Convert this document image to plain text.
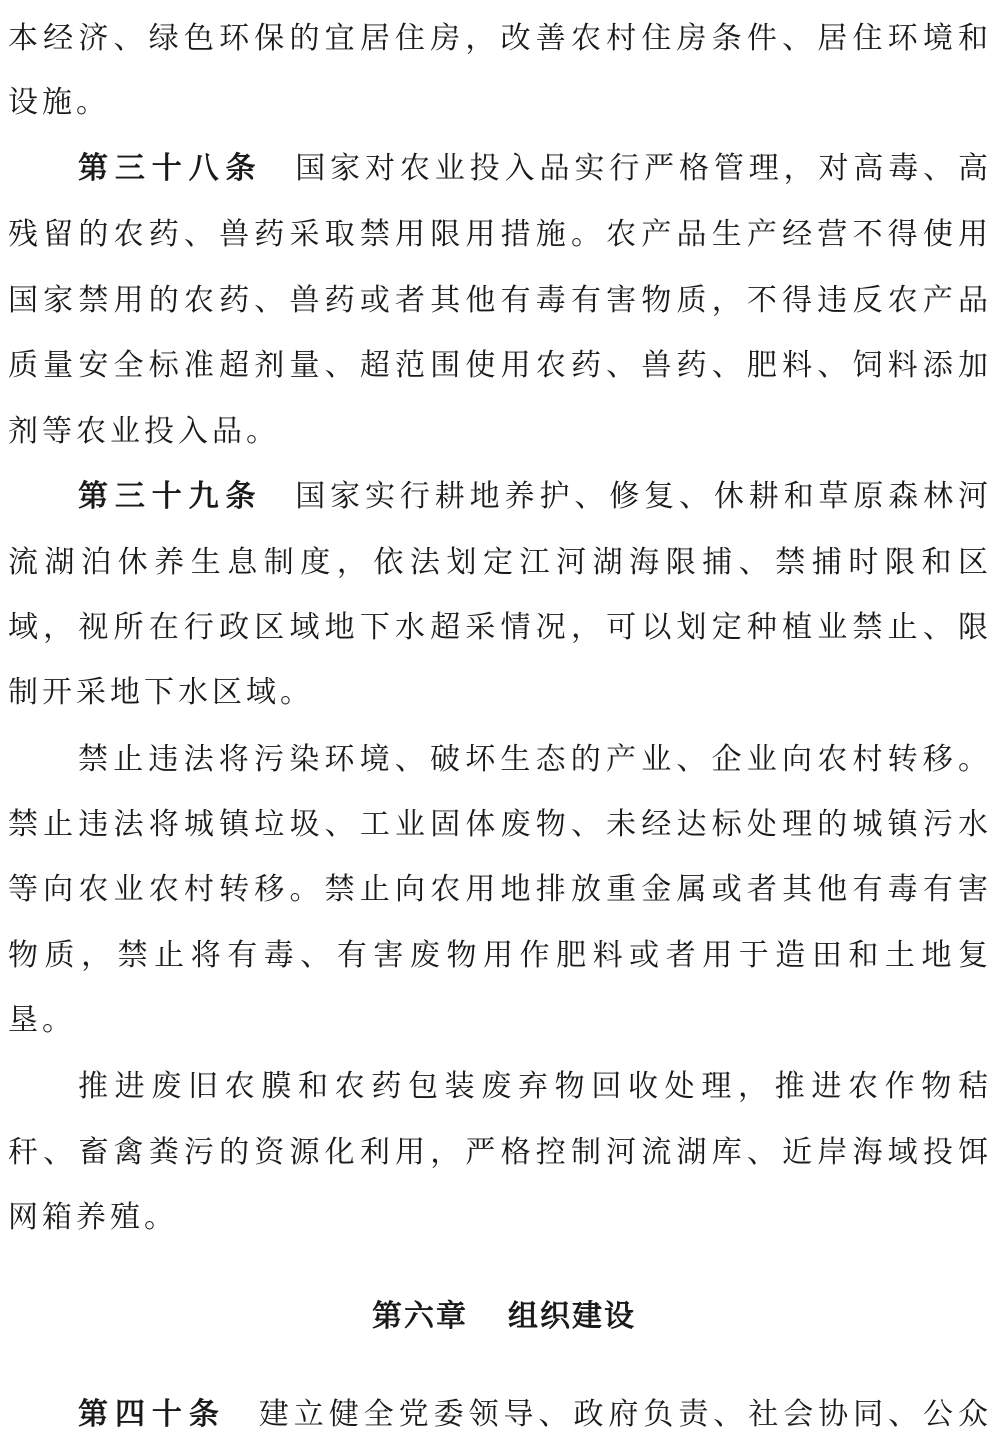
本经济、绿色环保的宜居住房，改善农村住房条件、居住环境和
设施。
第三十八条 国家对农业投入品实行严格管理，对高毒、高
残留的农药、兽药采取禁用限用措施。农产品生产经营不得使用
国家禁用的农药、兽药或者其他有毒有害物质，不得违反农产品
质量安全标准超剂量、超范围使用农药、兽药、肥料、饲料添加
剂等农业投入品。
第三十九条 国家实行耕地养护、修复、休耕和草原森林河
流湖泊休养生息制度，依法划定江河湖海限捕、禁捕时限和区
域，视所在行政区域地下水超采情况，可以划定种植业禁止、限
制开采地下水区域。
禁止违法将污染环境、破坏生态的产业、企业向农村转移。
禁止违法将城镇垃圾、工业固体废物、未经达标处理的城镇污水
等向农业农村转移。禁止向农用地排放重金属或者其他有毒有害
物质，禁止将有毒、有害废物用作肥料或者用于造田和土地复
垦。
推进废旧农膜和农药包装废弃物回收处理，推进农作物秸
秆、畜禽粪污的资源化利用，严格控制河流湖库、近岸海域投饵
网箱养殖。
第六章 组织建设
第四十条 建立健全党委领导、政府负责、社会协同、公众
